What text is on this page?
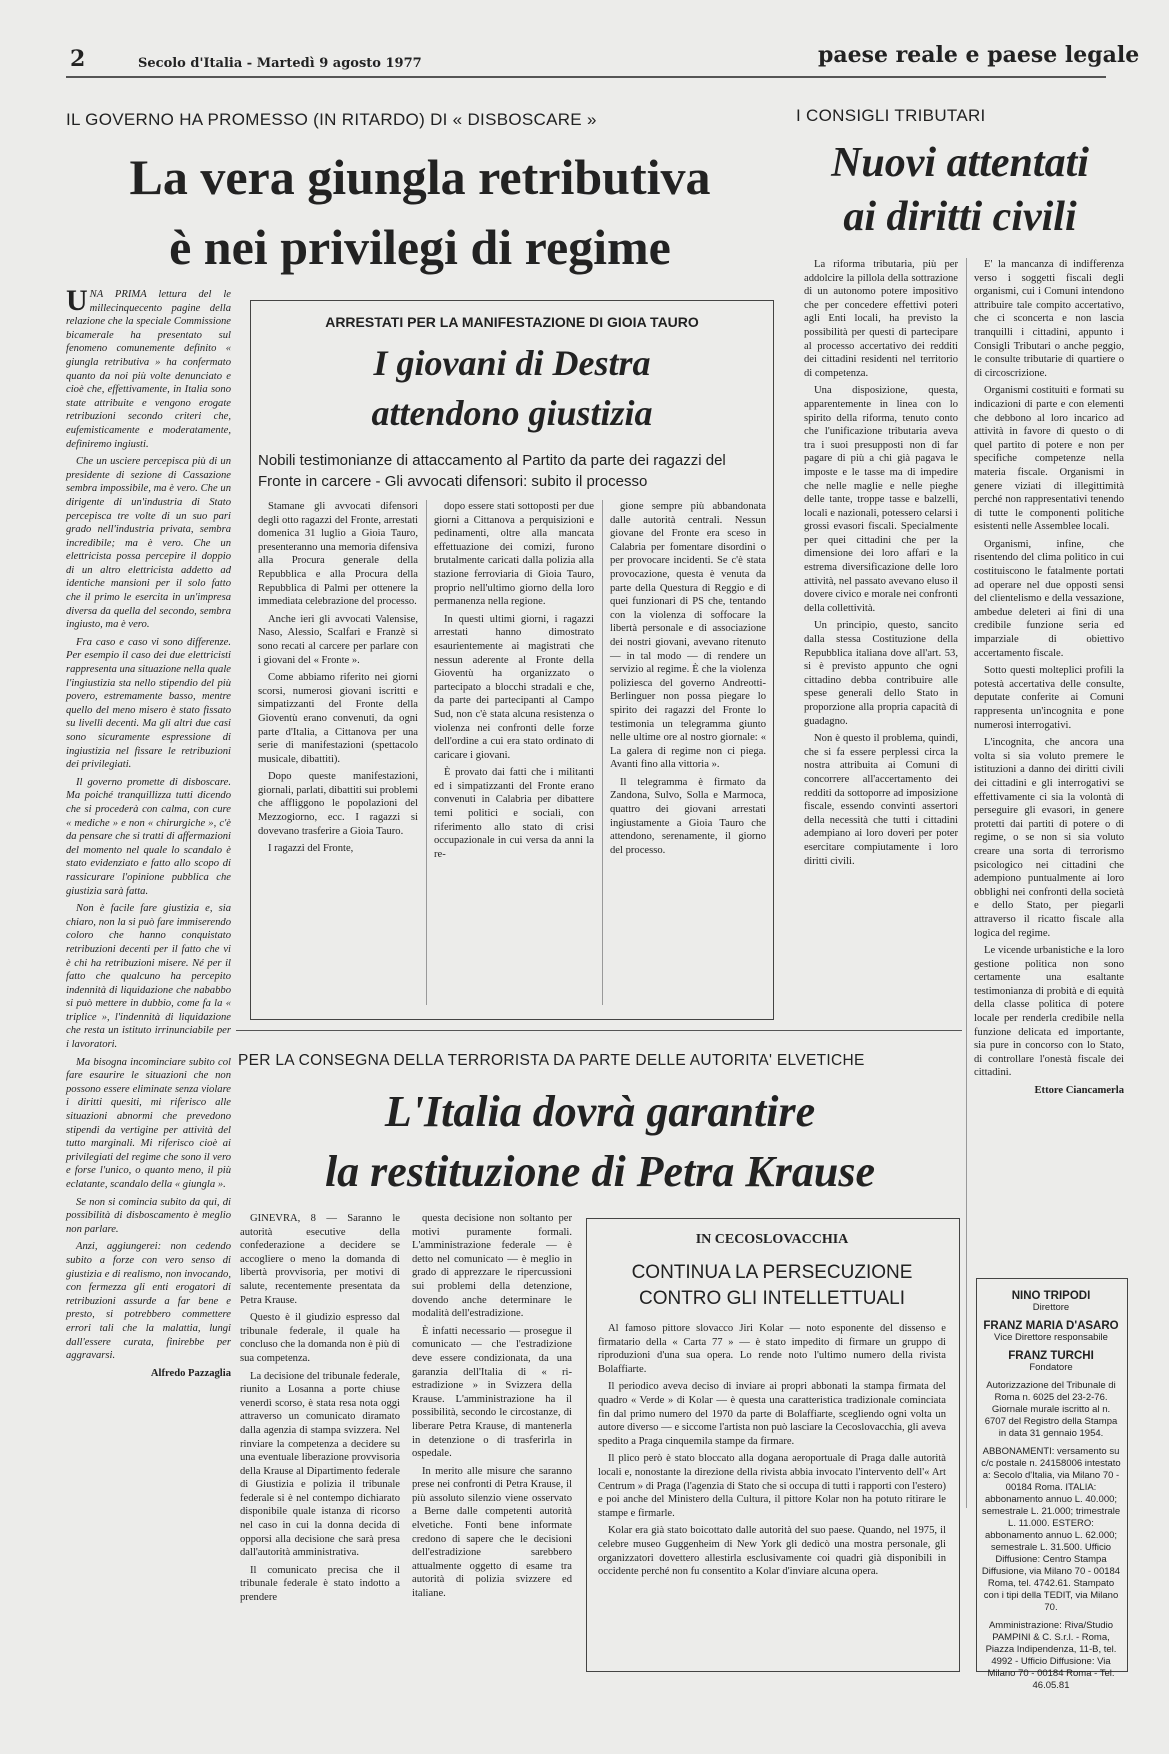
2	Secolo d'Italia - Martedì 9 agosto 1977	paese reale e paese legale
IL GOVERNO HA PROMESSO (IN RITARDO) DI « DISBOSCARE »
La vera giungla retributiva
è nei privilegi di regime

UNA PRIMA lettura del le millecinquecento pagine della relazione che la speciale Commissione bicamerale ha presentato sul fenomeno comunemente definito « giungla retributiva » ha confermato quanto da noi più volte denunciato e cioè che, effettivamente, in Italia sono state attribuite e vengono erogate retribuzioni secondo criteri che, eufemisticamente e moderatamente, definiremo ingiusti.

Che un usciere percepisca più di un presidente di sezione di Cassazione sembra impossibile, ma è vero. Che un dirigente di un'industria di Stato percepisca tre volte di un suo pari grado nell'industria privata, sembra incredibile; ma è vero. Che un elettricista possa percepire il doppio di un altro elettricista addetto ad identiche mansioni per il solo fatto che il primo le esercita in un'impresa diversa da quella del secondo, sembra ingiusto, ma è vero.

Fra caso e caso vi sono differenze. Per esempio il caso dei due elettricisti rappresenta una situazione nella quale l'ingiustizia sta nello stipendio del più povero, estremamente basso, mentre quello del meno misero è stato fissato su livelli decenti. Ma gli altri due casi sono sicuramente espressione di ingiustizia nel fissare le retribuzioni dei privilegiati.

Il governo promette di disboscare. Ma poiché tranquillizza tutti dicendo che si procederà con calma, con cure « mediche » e non « chirurgiche », c'è da pensare che si tratti di affermazioni del momento nel quale lo scandalo è stato evidenziato e fatto allo scopo di rassicurare l'opinione pubblica che giustizia sarà fatta.

Non è facile fare giustizia e, sia chiaro, non la si può fare immiserendo coloro che hanno conquistato retribuzioni decenti per il fatto che vi è chi ha retribuzioni misere. Né per il fatto che qualcuno ha percepito indennità di liquidazione che nababbo si può mettere in dubbio, come fa la « triplice », l'indennità di liquidazione che resta un istituto irrinunciabile per i lavoratori.

Ma bisogna incominciare subito col fare esaurire le situazioni che non possono essere eliminate senza violare i diritti quesiti, mi riferisco alle situazioni abnormi che prevedono stipendi da vertigine per attività del tutto marginali. Mi riferisco cioè ai privilegiati del regime che sono il vero e forse l'unico, o quanto meno, il più eclatante, scandalo della « giungla ».

Se non si comincia subito da qui, di possibilità di disboscamento è meglio non parlare.

Anzi, aggiungerei: non cedendo subito a forze con vero senso di giustizia e di realismo, non invocando, con fermezza gli enti erogatori di retribuzioni assurde a far bene e presto, si potrebbero commettere errori tali che la malattia, lungi dall'essere curata, finirebbe per aggravarsi.

Alfredo Pazzaglia

ARRESTATI PER LA MANIFESTAZIONE DI GIOIA TAURO
I giovani di Destra
attendono giustizia
Nobili testimonianze di attaccamento al Partito da parte dei ragazzi del Fronte in carcere - Gli avvocati difensori: subito il processo

Stamane gli avvocati difensori degli otto ragazzi del Fronte, arrestati domenica 31 luglio a Gioia Tauro, presenteranno una memoria difensiva alla Procura generale della Repubblica e alla Procura della Repubblica di Palmi per ottenere la immediata celebrazione del processo.

Anche ieri gli avvocati Valensise, Naso, Alessio, Scalfari e Franzè si sono recati al carcere per parlare con i giovani del « Fronte ».

Come abbiamo riferito nei giorni scorsi, numerosi giovani iscritti e simpatizzanti del Fronte della Gioventù erano convenuti, da ogni parte d'Italia, a Cittanova per una serie di manifestazioni (spettacolo musicale, dibattiti).

Dopo queste manifestazioni, giornali, parlati, dibattiti sui problemi che affliggono le popolazioni del Mezzogiorno, ecc. I ragazzi si dovevano trasferire a Gioia Tauro.

I ragazzi del Fronte,

dopo essere stati sottoposti per due giorni a Cittanova a perquisizioni e pedinamenti, oltre alla mancata effettuazione dei comizi, furono brutalmente caricati dalla polizia alla stazione ferroviaria di Gioia Tauro, proprio nell'ultimo giorno della loro permanenza nella regione.

In questi ultimi giorni, i ragazzi arrestati hanno dimostrato esaurientemente ai magistrati che nessun aderente al Fronte della Gioventù ha organizzato o partecipato a blocchi stradali e che, da parte dei partecipanti al Campo Sud, non c'è stata alcuna resistenza o violenza nei confronti delle forze dell'ordine a cui era stato ordinato di caricare i giovani.

È provato dai fatti che i militanti ed i simpatizzanti del Fronte erano convenuti in Calabria per dibattere temi politici e sociali, con riferimento allo stato di crisi occupazionale in cui versa da anni la re-

gione sempre più abbandonata dalle autorità centrali. Nessun giovane del Fronte era sceso in Calabria per fomentare disordini o per provocare incidenti. Se c'è stata provocazione, questa è venuta da parte della Questura di Reggio e di quei funzionari di PS che, tentando con la violenza di soffocare la libertà personale e di associazione dei nostri giovani, avevano ritenuto — in tal modo — di rendere un servizio al regime. È che la violenza poliziesca del governo Andreotti-Berlinguer non possa piegare lo spirito dei ragazzi del Fronte lo testimonia un telegramma giunto nelle ultime ore al nostro giornale: « La galera di regime non ci piega. Avanti fino alla vittoria ».

Il telegramma è firmato da Zandona, Sulvo, Solla e Marmoca, quattro dei giovani arrestati ingiustamente a Gioia Tauro che attendono, serenamente, il giorno del processo.

I CONSIGLI TRIBUTARI
Nuovi attentati
ai diritti civili

La riforma tributaria, più per addolcire la pillola della sottrazione di un autonomo potere impositivo che per concedere effettivi poteri agli Enti locali, ha previsto la possibilità per questi di partecipare al processo accertativo dei redditi dei cittadini residenti nel territorio di competenza.

Una disposizione, questa, apparentemente in linea con lo spirito della riforma, tenuto conto che l'unificazione tributaria aveva tra i suoi presupposti non di far pagare di più a chi già pagava le imposte e le tasse ma di impedire che nelle maglie e nelle pieghe delle tante, troppe tasse e balzelli, locali e nazionali, potessero celarsi i grossi evasori fiscali. Specialmente per quei cittadini che per la dimensione dei loro affari e la estrema diversificazione delle loro attività, nel passato avevano eluso il dovere civico e morale nei confronti della collettività.

Un principio, questo, sancito dalla stessa Costituzione della Repubblica italiana dove all'art. 53, si è previsto appunto che ogni cittadino debba contribuire alle spese generali dello Stato in proporzione alla propria capacità di guadagno.

Non è questo il problema, quindi, che si fa essere perplessi circa la nostra attribuita ai Comuni di concorrere all'accertamento dei redditi da sottoporre ad imposizione fiscale, essendo convinti assertori della necessità che tutti i cittadini adempiano ai loro doveri per poter esercitare compiutamente i loro diritti civili.

E' la mancanza di indifferenza verso i soggetti fiscali degli organismi, cui i Comuni intendono attribuire tale compito accertativo, che ci sconcerta e non lascia tranquilli i cittadini, appunto i Consigli Tributari o anche peggio, le consulte tributarie di quartiere o di circoscrizione.

Organismi costituiti e formati su indicazioni di parte e con elementi che debbono al loro incarico ad attività in favore di questo o di quel partito di potere e non per specifiche competenze nella materia fiscale. Organismi in genere viziati di illegittimità perché non rappresentativi tenendo di tutte le componenti politiche esistenti nelle Assemblee locali.

Organismi, infine, che risentendo del clima politico in cui costituiscono le fatalmente portati ad operare nel due opposti sensi del clientelismo e della vessazione, ambedue deleteri ai fini di una credibile funzione seria ed imparziale di obiettivo accertamento fiscale.

Sotto questi molteplici profili la potestà accertativa delle consulte, deputate conferite ai Comuni rappresenta un'incognita e pone numerosi interrogativi.

L'incognita, che ancora una volta si sia voluto premere le istituzioni a danno dei diritti civili dei cittadini e gli interrogativi se effettivamente ci sia la volontà di perseguire gli evasori, in genere protetti dai partiti di potere o di regime, o se non si sia voluto creare una sorta di terrorismo psicologico nei cittadini che adempiono puntualmente ai loro obblighi nei confronti della società e dello Stato, per piegarli attraverso il ricatto fiscale alla logica del regime.

Le vicende urbanistiche e la loro gestione politica non sono certamente una esaltante testimonianza di probità e di equità della classe politica di potere locale per renderla credibile nella funzione delicata ed importante, sia pure in concorso con lo Stato, di controllare l'onestà fiscale dei cittadini.

Ettore Ciancamerla

PER LA CONSEGNA DELLA TERRORISTA DA PARTE DELLE AUTORITA' ELVETICHE
L'Italia dovrà garantire
la restituzione di Petra Krause

GINEVRA, 8 — Saranno le autorità esecutive della confederazione a decidere se accogliere o meno la domanda di libertà provvisoria, per motivi di salute, recentemente presentata da Petra Krause.

Questo è il giudizio espresso dal tribunale federale, il quale ha concluso che la domanda non è più di sua competenza.

La decisione del tribunale federale, riunito a Losanna a porte chiuse venerdì scorso, è stata resa nota oggi attraverso un comunicato diramato dalla agenzia di stampa svizzera. Nel rinviare la competenza a decidere su una eventuale liberazione provvisoria della Krause al Dipartimento federale di Giustizia e polizia il tribunale federale si è nel contempo dichiarato disponibile quale istanza di ricorso nel caso in cui la donna decida di opporsi alla decisione che sarà presa dall'autorità amministrativa.

Il comunicato precisa che il tribunale federale è stato indotto a prendere

questa decisione non soltanto per motivi puramente formali. L'amministrazione federale — è detto nel comunicato — è meglio in grado di apprezzare le ripercussioni sui problemi della detenzione, dovendo anche determinare le modalità dell'estradizione.

È infatti necessario — prosegue il comunicato — che l'estradizione deve essere condizionata, da una garanzia dell'Italia di « ri-estradizione » in Svizzera della Krause. L'amministrazione ha il possibilità, secondo le circostanze, di liberare Petra Krause, di mantenerla in detenzione o di trasferirla in ospedale.

In merito alle misure che saranno prese nei confronti di Petra Krause, il più assoluto silenzio viene osservato a Berne dalle competenti autorità elvetiche. Fonti bene informate credono di sapere che le decisioni dell'estradizione sarebbero attualmente oggetto di esame tra autorità di polizia svizzere ed italiane.

IN CECOSLOVACCHIA
CONTINUA LA PERSECUZIONE
CONTRO GLI INTELLETTUALI

Al famoso pittore slovacco Jiri Kolar — noto esponente del dissenso e firmatario della « Carta 77 » — è stato impedito di firmare un gruppo di riproduzioni d'una sua opera. Lo rende noto l'ultimo numero della rivista Bolaffiarte.

Il periodico aveva deciso di inviare ai propri abbonati la stampa firmata del quadro « Verde » di Kolar — è questa una caratteristica tradizionale cominciata fin dal primo numero del 1970 da parte di Bolaffiarte, scegliendo ogni volta un autore diverso — e siccome l'artista non può lasciare la Cecoslovacchia, gli aveva spedito a Praga cinquemila stampe da firmare.

Il plico però è stato bloccato alla dogana aeroportuale di Praga dalle autorità locali e, nonostante la direzione della rivista abbia invocato l'intervento dell'« Art Centrum » di Praga (l'agenzia di Stato che si occupa di tutti i rapporti con l'estero) e poi anche del Ministero della Cultura, il pittore Kolar non ha potuto ritirare le stampe e firmarle.

Kolar era già stato boicottato dalle autorità del suo paese. Quando, nel 1975, il celebre museo Guggenheim di New York gli dedicò una mostra personale, gli organizzatori dovettero allestirla esclusivamente coi quadri già disponibili in occidente perché non fu consentito a Kolar d'inviare alcuna opera.

NINO TRIPODI
Direttore
FRANZ MARIA D'ASARO
Vice Direttore responsabile
FRANZ TURCHI
Fondatore

Autorizzazione del Tribunale di Roma n. 6025 del 23-2-76. Giornale murale iscritto al n. 6707 del Registro della Stampa in data 31 gennaio 1954.

ABBONAMENTI: versamento su c/c postale n. 24158006 intestato a: Secolo d'Italia, via Milano 70 - 00184 Roma. ITALIA: abbonamento annuo L. 40.000; semestrale L. 21.000; trimestrale L. 11.000. ESTERO: abbonamento annuo L. 62.000; semestrale L. 31.500. Ufficio Diffusione: Centro Stampa Diffusione, via Milano 70 - 00184 Roma, tel. 4742.61. Stampato con i tipi della TEDIT, via Milano 70.

Amministrazione: Riva/Studio PAMPINI & C. S.r.l. - Roma, Piazza Indipendenza, 11-B, tel. 4992 - Ufficio Diffusione: Via Milano 70 - 00184 Roma - Tel. 46.05.81
